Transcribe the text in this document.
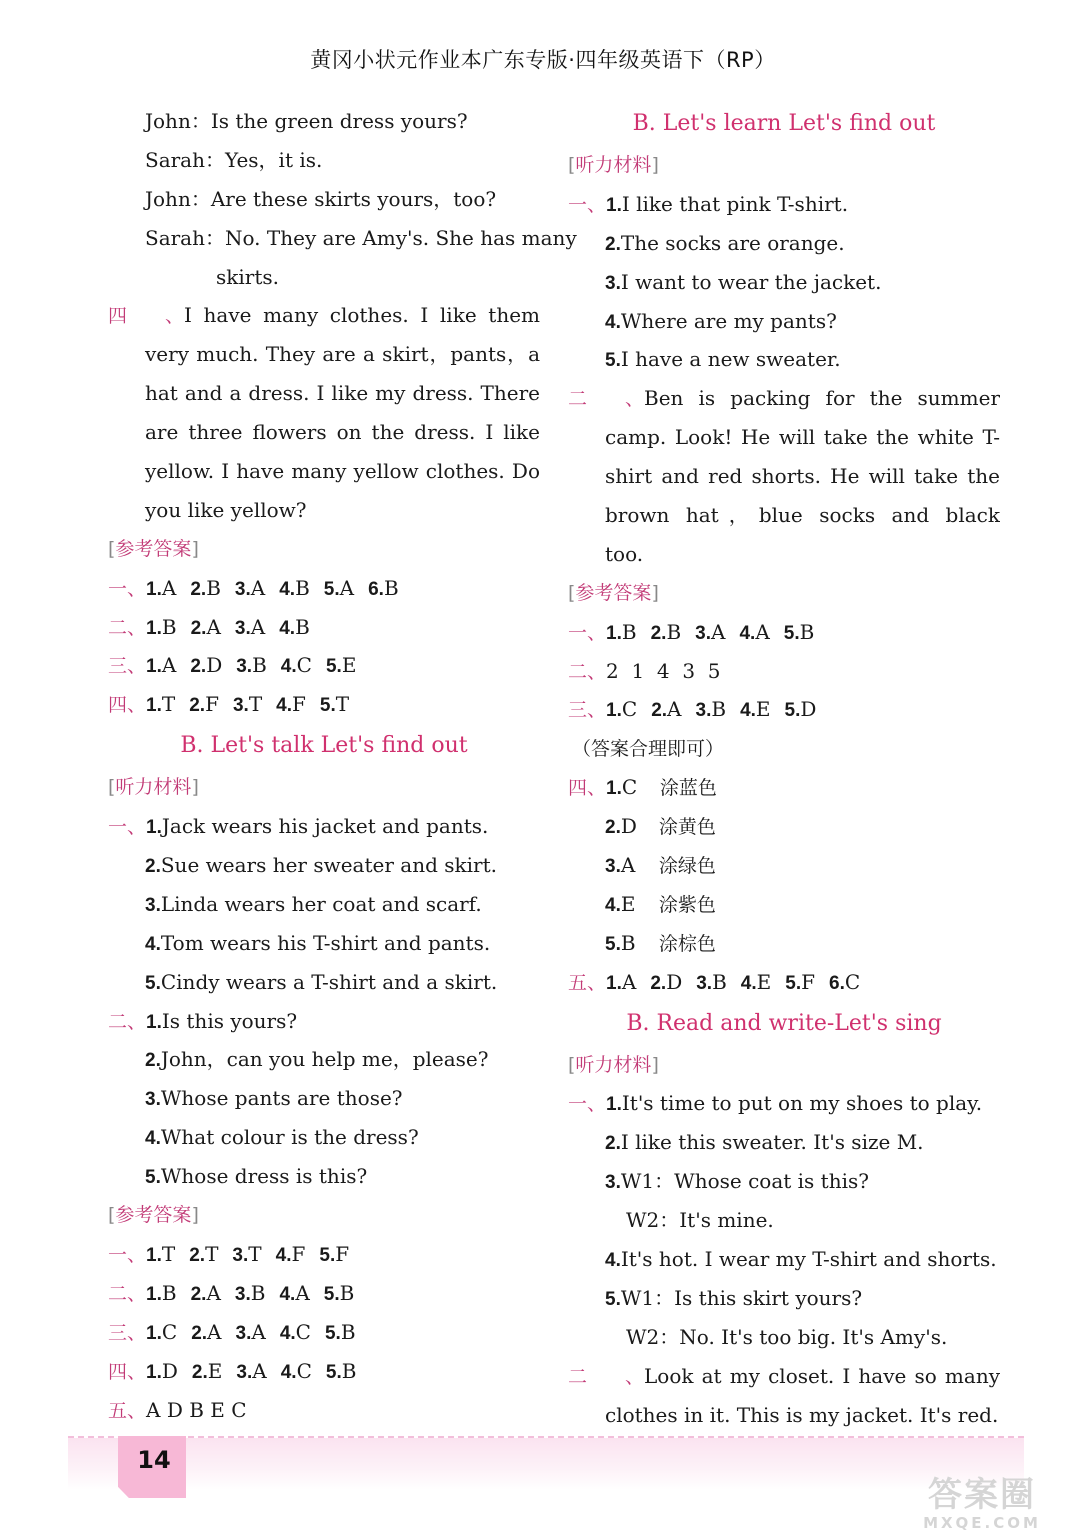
黄冈小状元作业本广东专版·四年级英语下（RP）
John：Is the green dress yours?
Sarah：Yes，it is.
John：Are these skirts yours，too?
Sarah：No. They are Amy's. She has many
skirts.
四、I have many clothes. I like them
very much. They are a skirt，pants，a
hat and a dress. I like my dress. There
are three flowers on the dress. I like
yellow. I have many yellow clothes. Do
you like yellow?
[参考答案]
一、1.A 2.B 3.A 4.B 5.A 6.B
二、1.B 2.A 3.A 4.B
三、1.A 2.D 3.B 4.C 5.E
四、1.T 2.F 3.T 4.F 5.T
B. Let's talk Let's find out
[听力材料]
一、1.Jack wears his jacket and pants.
2.Sue wears her sweater and skirt.
3.Linda wears her coat and scarf.
4.Tom wears his T-shirt and pants.
5.Cindy wears a T-shirt and a skirt.
二、1.Is this yours?
2.John，can you help me，please?
3.Whose pants are those?
4.What colour is the dress?
5.Whose dress is this?
[参考答案]
一、1.T 2.T 3.T 4.F 5.F
二、1.B 2.A 3.B 4.A 5.B
三、1.C 2.A 3.A 4.C 5.B
四、1.D 2.E 3.A 4.C 5.B
五、A D B E C
B. Let's learn Let's find out
[听力材料]
一、1.I like that pink T-shirt.
2.The socks are orange.
3.I want to wear the jacket.
4.Where are my pants?
5.I have a new sweater.
二、Ben is packing for the summer
camp. Look! He will take the white T-
shirt and red shorts. He will take the
brown hat，blue socks and black
too.
[参考答案]
一、1.B 2.B 3.A 4.A 5.B
二、2  1  4  3  5
三、1.C 2.A 3.B 4.E 5.D
（答案合理即可）
四、1.C 涂蓝色
2.D 涂黄色
3.A 涂绿色
4.E 涂紫色
5.B 涂棕色
五、1.A 2.D 3.B 4.E 5.F 6.C
B. Read and write-Let's sing
[听力材料]
一、1.It's time to put on my shoes to play.
2.I like this sweater. It's size M.
3.W1：Whose coat is this?
W2：It's mine.
4.It's hot. I wear my T-shirt and shorts.
5.W1：Is this skirt yours?
W2：No. It's too big. It's Amy's.
二、Look at my closet. I have so many
clothes in it. This is my jacket. It's red.
14
答案圈
MXQE.COM
